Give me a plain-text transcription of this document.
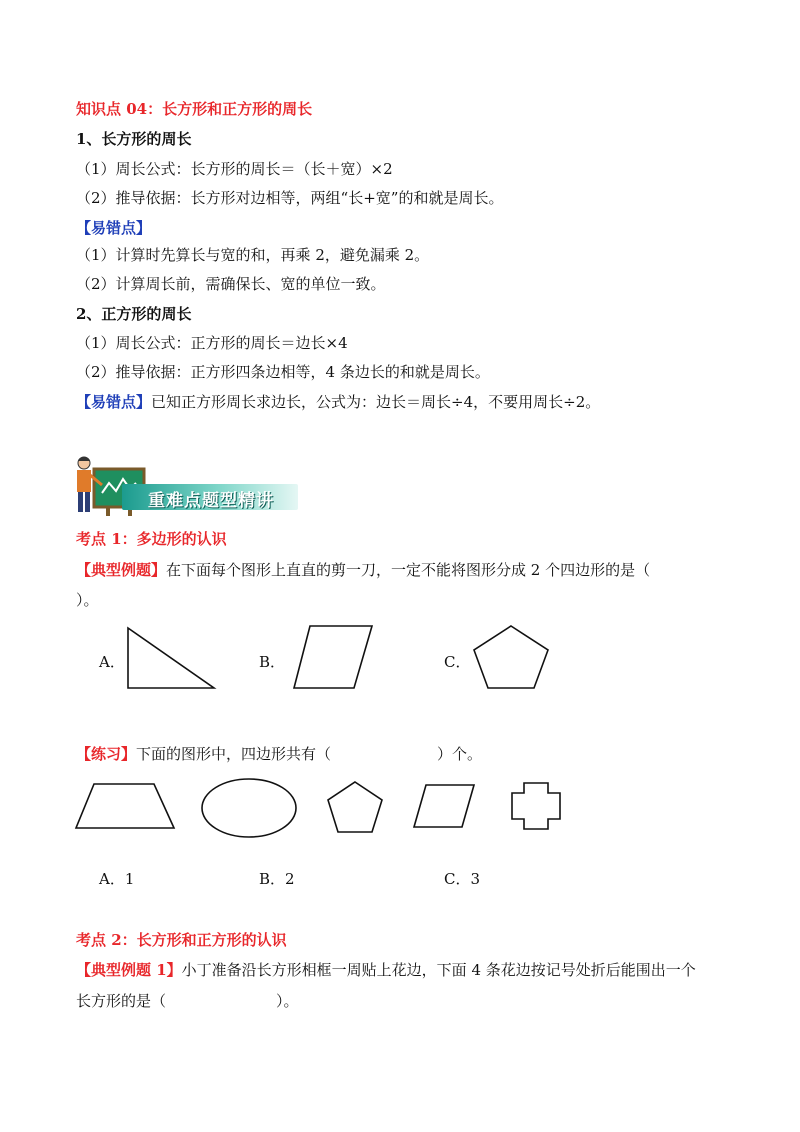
知识点 04：长方形和正方形的周长
1、长方形的周长
（1）周长公式：长方形的周长＝（长＋宽）×2
（2）推导依据：长方形对边相等，两组“长+宽”的和就是周长。
【易错点】
（1）计算时先算长与宽的和，再乘 2，避免漏乘 2。
（2）计算周长前，需确保长、宽的单位一致。
2、正方形的周长
（1）周长公式：正方形的周长＝边长×4
（2）推导依据：正方形四条边相等，4 条边长的和就是周长。
【易错点】已知正方形周长求边长，公式为：边长＝周长÷4，不要用周长÷2。
重难点题型精讲
考点 1：多边形的认识
【典型例题】在下面每个图形上直直的剪一刀，一定不能将图形分成 2 个四边形的是（
）。
A．	B．	C．
【练习】下面的图形中，四边形共有（	）个。
A．1	B．2	C．3
考点 2：长方形和正方形的认识
【典型例题 1】小丁准备沿长方形相框一周贴上花边，下面 4 条花边按记号处折后能围出一个
长方形的是（	）。
